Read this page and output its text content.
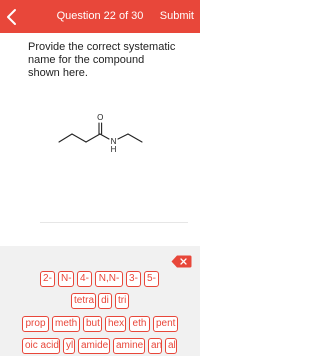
Question 22 of 30	Submit
Provide the correct systematic name for the compound shown here.
O
N
H
2- N- 4- N,N- 3- 5-
tetra di tri
prop meth but hex eth pent
oic acid yl amide amine an al
